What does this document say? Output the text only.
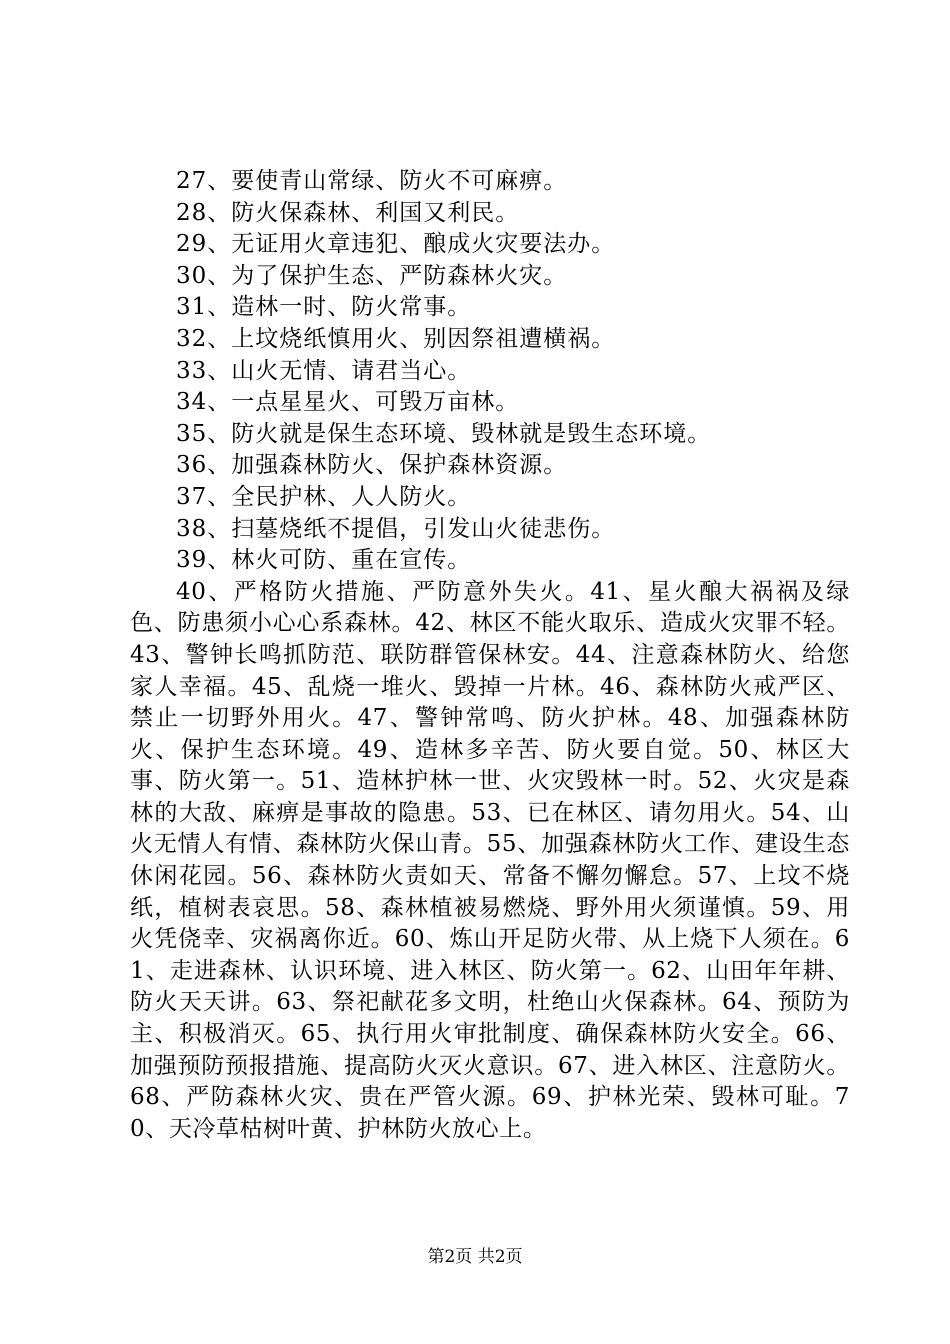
27、要使青山常绿、防火不可麻痹。
28、防火保森林、利国又利民。
29、无证用火章违犯、酿成火灾要法办。
30、为了保护生态、严防森林火灾。
31、造林一时、防火常事。
32、上坟烧纸慎用火、别因祭祖遭横祸。
33、山火无情、请君当心。
34、一点星星火、可毁万亩林。
35、防火就是保生态环境、毁林就是毁生态环境。
36、加强森林防火、保护森林资源。
37、全民护林、人人防火。
38、扫墓烧纸不提倡，引发山火徒悲伤。
39、林火可防、重在宣传。
40、严格防火措施、严防意外失火。41、星火酿大祸祸及绿色、防患须小心心系森林。42、林区不能火取乐、造成火灾罪不轻。43、警钟长鸣抓防范、联防群管保林安。44、注意森林防火、给您家人幸福。45、乱烧一堆火、毁掉一片林。46、森林防火戒严区、禁止一切野外用火。47、警钟常鸣、防火护林。48、加强森林防火、保护生态环境。49、造林多辛苦、防火要自觉。50、林区大事、防火第一。51、造林护林一世、火灾毁林一时。52、火灾是森林的大敌、麻痹是事故的隐患。53、已在林区、请勿用火。54、山火无情人有情、森林防火保山青。55、加强森林防火工作、建设生态休闲花园。56、森林防火责如天、常备不懈勿懈怠。57、上坟不烧纸，植树表哀思。58、森林植被易燃烧、野外用火须谨慎。59、用火凭侥幸、灾祸离你近。60、炼山开足防火带、从上烧下人须在。61、走进森林、认识环境、进入林区、防火第一。62、山田年年耕、防火天天讲。63、祭祀献花多文明，杜绝山火保森林。64、预防为主、积极消灭。65、执行用火审批制度、确保森林防火安全。66、加强预防预报措施、提高防火灭火意识。67、进入林区、注意防火。68、严防森林火灾、贵在严管火源。69、护林光荣、毁林可耻。70、天冷草枯树叶黄、护林防火放心上。
第2页 共2页
